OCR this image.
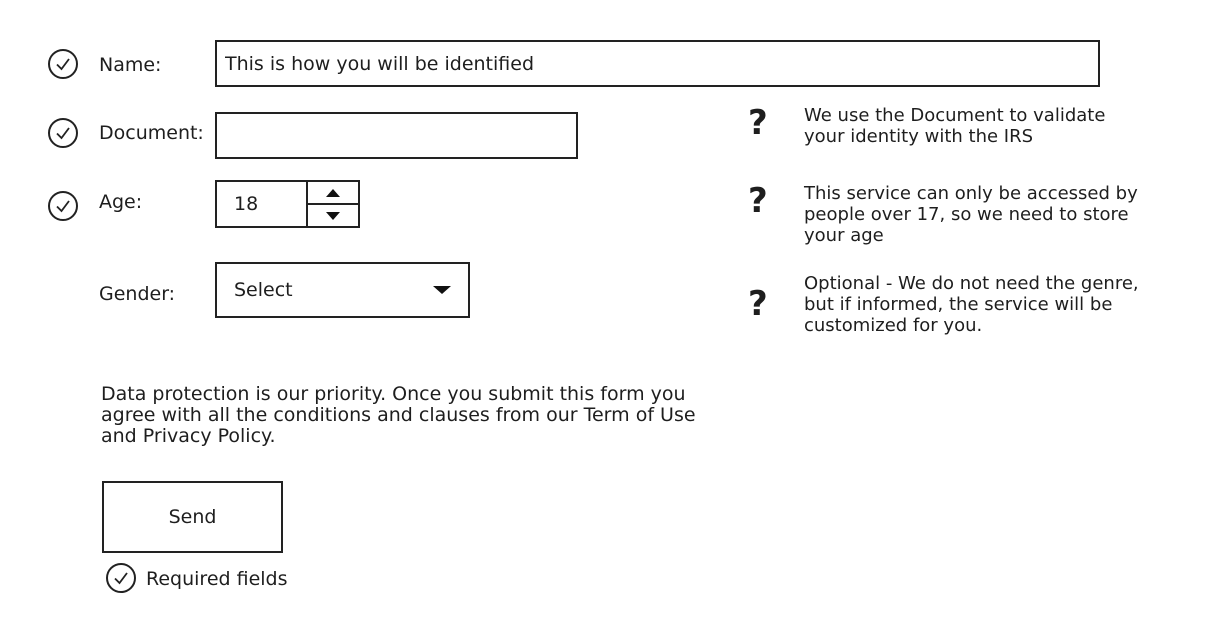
Name:
This is how you will be identified
Document:
Age:
18
Gender:	Select
? We use the Document to validate your identity with the IRS
? This service can only be accessed by people over 17, so we need to store your age
?
Optional - We do not need the genre, but if informed, the service will be customized for you.
Data protection is our priority. Once you submit this form you agree with all the conditions and clauses from our Term of Use and Privacy Policy.
Send
Required fields
